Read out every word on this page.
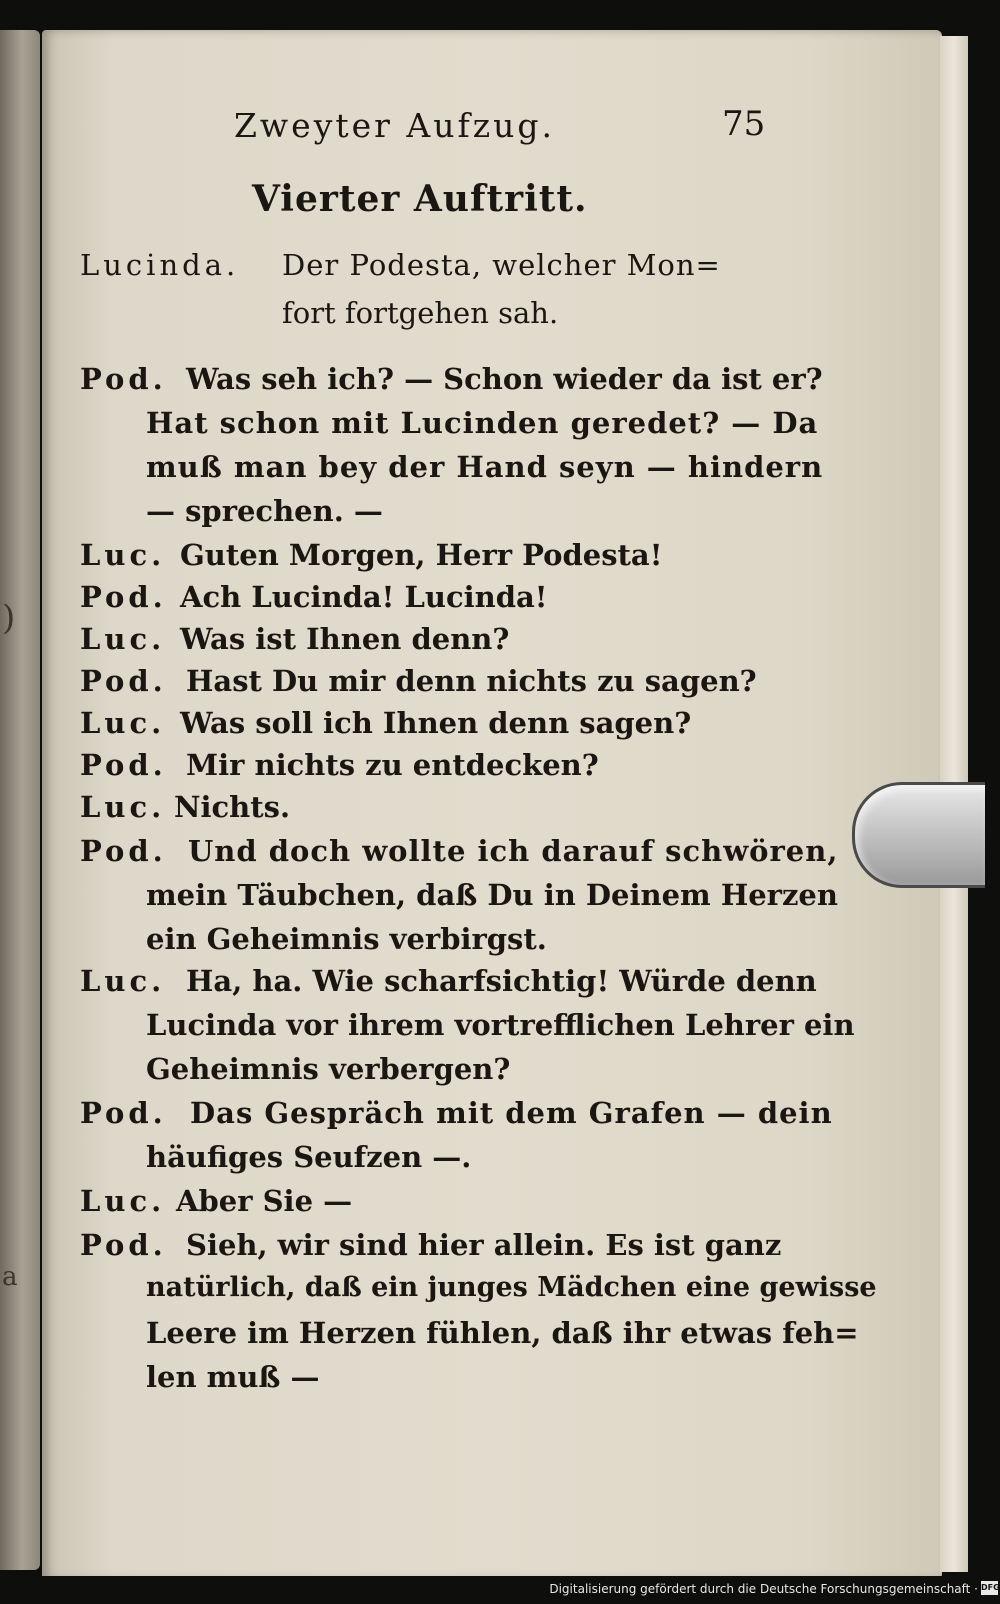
)
a
Zweyter Aufzug.	75
Vierter Auftritt.
Lucinda. Der Podesta, welcher Mon=
fort fortgehen sah.
Pod. Was seh ich? — Schon wieder da ist er?
Hat schon mit Lucinden geredet? — Da
muß man bey der Hand seyn — hindern
— sprechen. —
Luc. Guten Morgen, Herr Podesta!
Pod. Ach Lucinda! Lucinda!
Luc. Was ist Ihnen denn?
Pod. Hast Du mir denn nichts zu sagen?
Luc. Was soll ich Ihnen denn sagen?
Pod. Mir nichts zu entdecken?
Luc. Nichts.
Pod. Und doch wollte ich darauf schwören,
mein Täubchen, daß Du in Deinem Herzen
ein Geheimnis verbirgst.
Luc. Ha, ha. Wie scharfsichtig! Würde denn
Lucinda vor ihrem vortrefflichen Lehrer ein
Geheimnis verbergen?
Pod. Das Gespräch mit dem Grafen — dein
häufiges Seufzen —.
Luc. Aber Sie —
Pod. Sieh, wir sind hier allein. Es ist ganz
natürlich, daß ein junges Mädchen eine gewisse
Leere im Herzen fühlen, daß ihr etwas feh=
len muß —
Digitalisierung gefördert durch die Deutsche Forschungsgemeinschaft · DFG
